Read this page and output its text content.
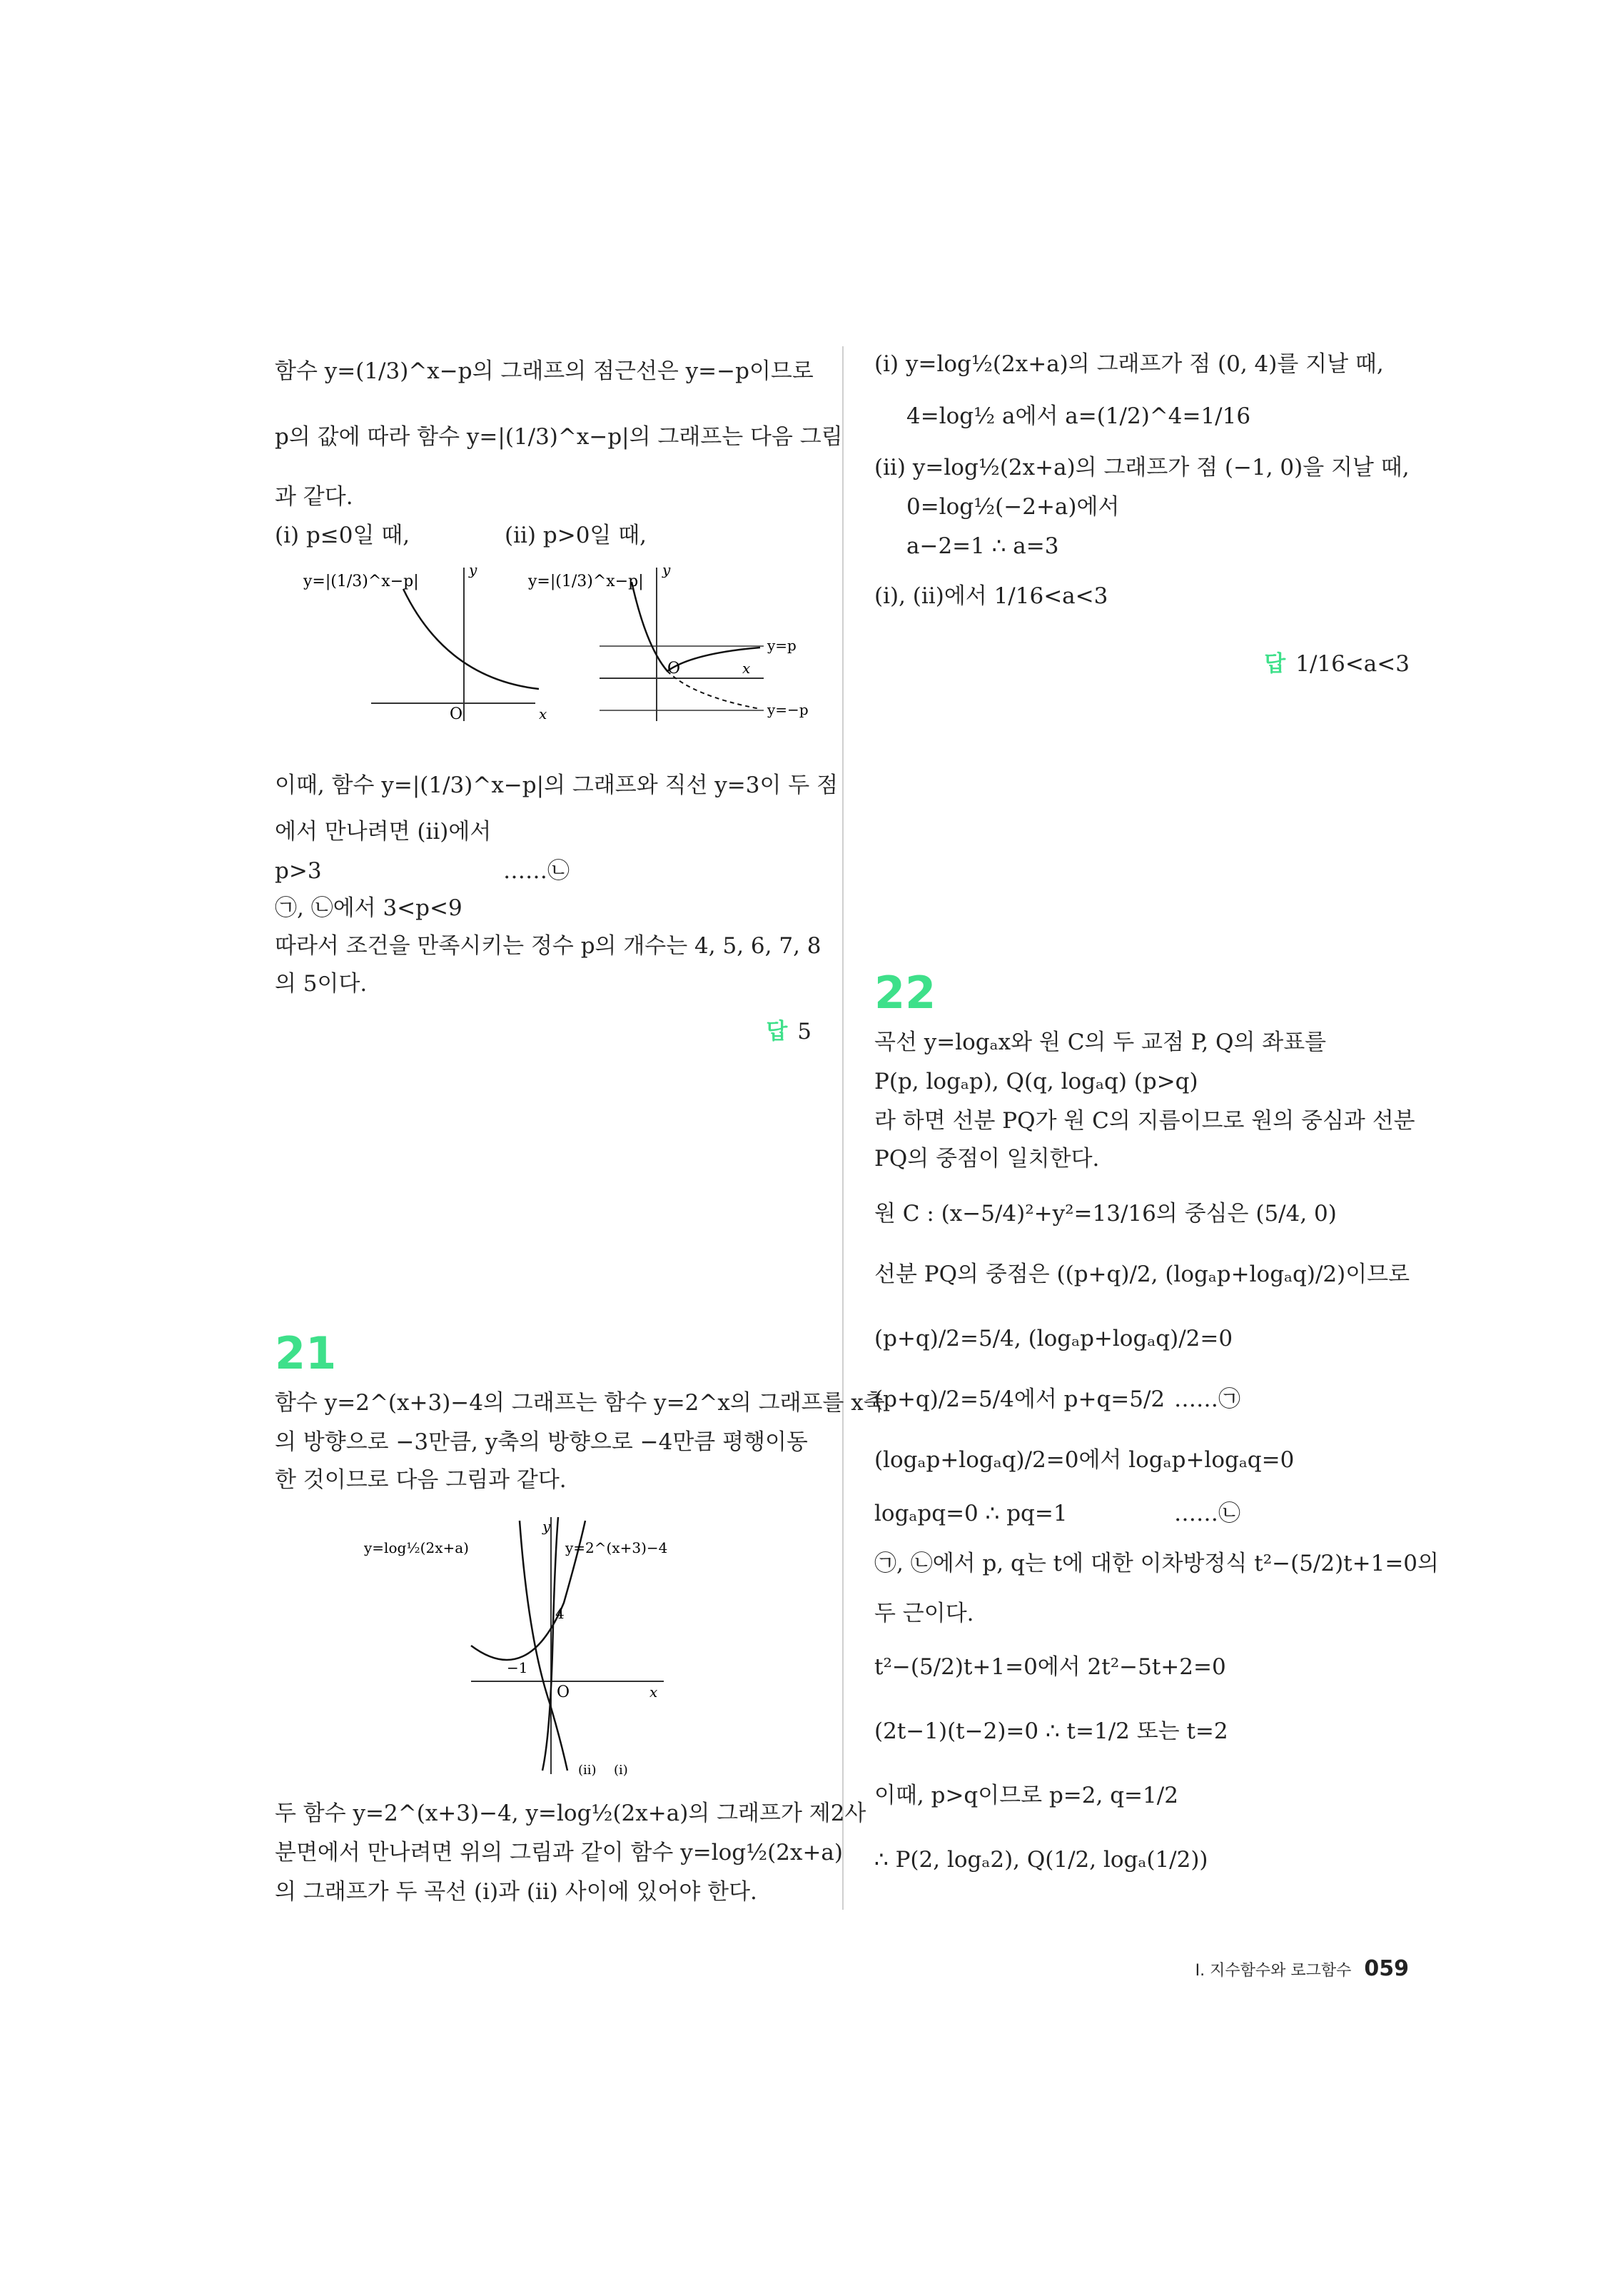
함수 y=(1/3)^x−p의 그래프의 점근선은 y=−p이므로
p의 값에 따라 함수 y=|(1/3)^x−p|의 그래프는 다음 그림
과 같다.
(ⅰ) p≤0일 때,	(ⅱ) p>0일 때,
y=|(1/3)^x−p|
y
x
O
y=|(1/3)^x−p|
y
x
O
y=p
y=−p
이때, 함수 y=|(1/3)^x−p|의 그래프와 직선 y=3이 두 점
에서 만나려면 (ⅱ)에서
p>3	……㉡
㉠, ㉡에서 3<p<9
따라서 조건을 만족시키는 정수 p의 개수는 4, 5, 6, 7, 8
의 5이다.
답 5
21
함수 y=2^(x+3)−4의 그래프는 함수 y=2^x의 그래프를 x축
의 방향으로 −3만큼, y축의 방향으로 −4만큼 평행이동
한 것이므로 다음 그림과 같다.
y=log½(2x+a)	y=2^(x+3)−4
y
x
O
4
−1
(ⅱ) (ⅰ)
두 함수 y=2^(x+3)−4, y=log½(2x+a)의 그래프가 제2사
분면에서 만나려면 위의 그림과 같이 함수 y=log½(2x+a)
의 그래프가 두 곡선 (ⅰ)과 (ⅱ) 사이에 있어야 한다.
(ⅰ) y=log½(2x+a)의 그래프가 점 (0, 4)를 지날 때,
4=log½ a에서 a=(1/2)^4=1/16
(ⅱ) y=log½(2x+a)의 그래프가 점 (−1, 0)을 지날 때,
0=log½(−2+a)에서
a−2=1 ∴ a=3
(ⅰ), (ⅱ)에서 1/16<a<3
답 1/16<a<3
22
곡선 y=logₐx와 원 C의 두 교점 P, Q의 좌표를
P(p, logₐp), Q(q, logₐq) (p>q)
라 하면 선분 PQ가 원 C의 지름이므로 원의 중심과 선분
PQ의 중점이 일치한다.
원 C : (x−5/4)²+y²=13/16의 중심은 (5/4, 0)
선분 PQ의 중점은 ((p+q)/2, (logₐp+logₐq)/2)이므로
(p+q)/2=5/4, (logₐp+logₐq)/2=0
(p+q)/2=5/4에서 p+q=5/2 ……㉠
(logₐp+logₐq)/2=0에서 logₐp+logₐq=0
logₐpq=0 ∴ pq=1	……㉡
㉠, ㉡에서 p, q는 t에 대한 이차방정식 t²−(5/2)t+1=0의
두 근이다.
t²−(5/2)t+1=0에서 2t²−5t+2=0
(2t−1)(t−2)=0 ∴ t=1/2 또는 t=2
이때, p>q이므로 p=2, q=1/2
∴ P(2, logₐ2), Q(1/2, logₐ(1/2))
Ⅰ. 지수함수와 로그함수 059
